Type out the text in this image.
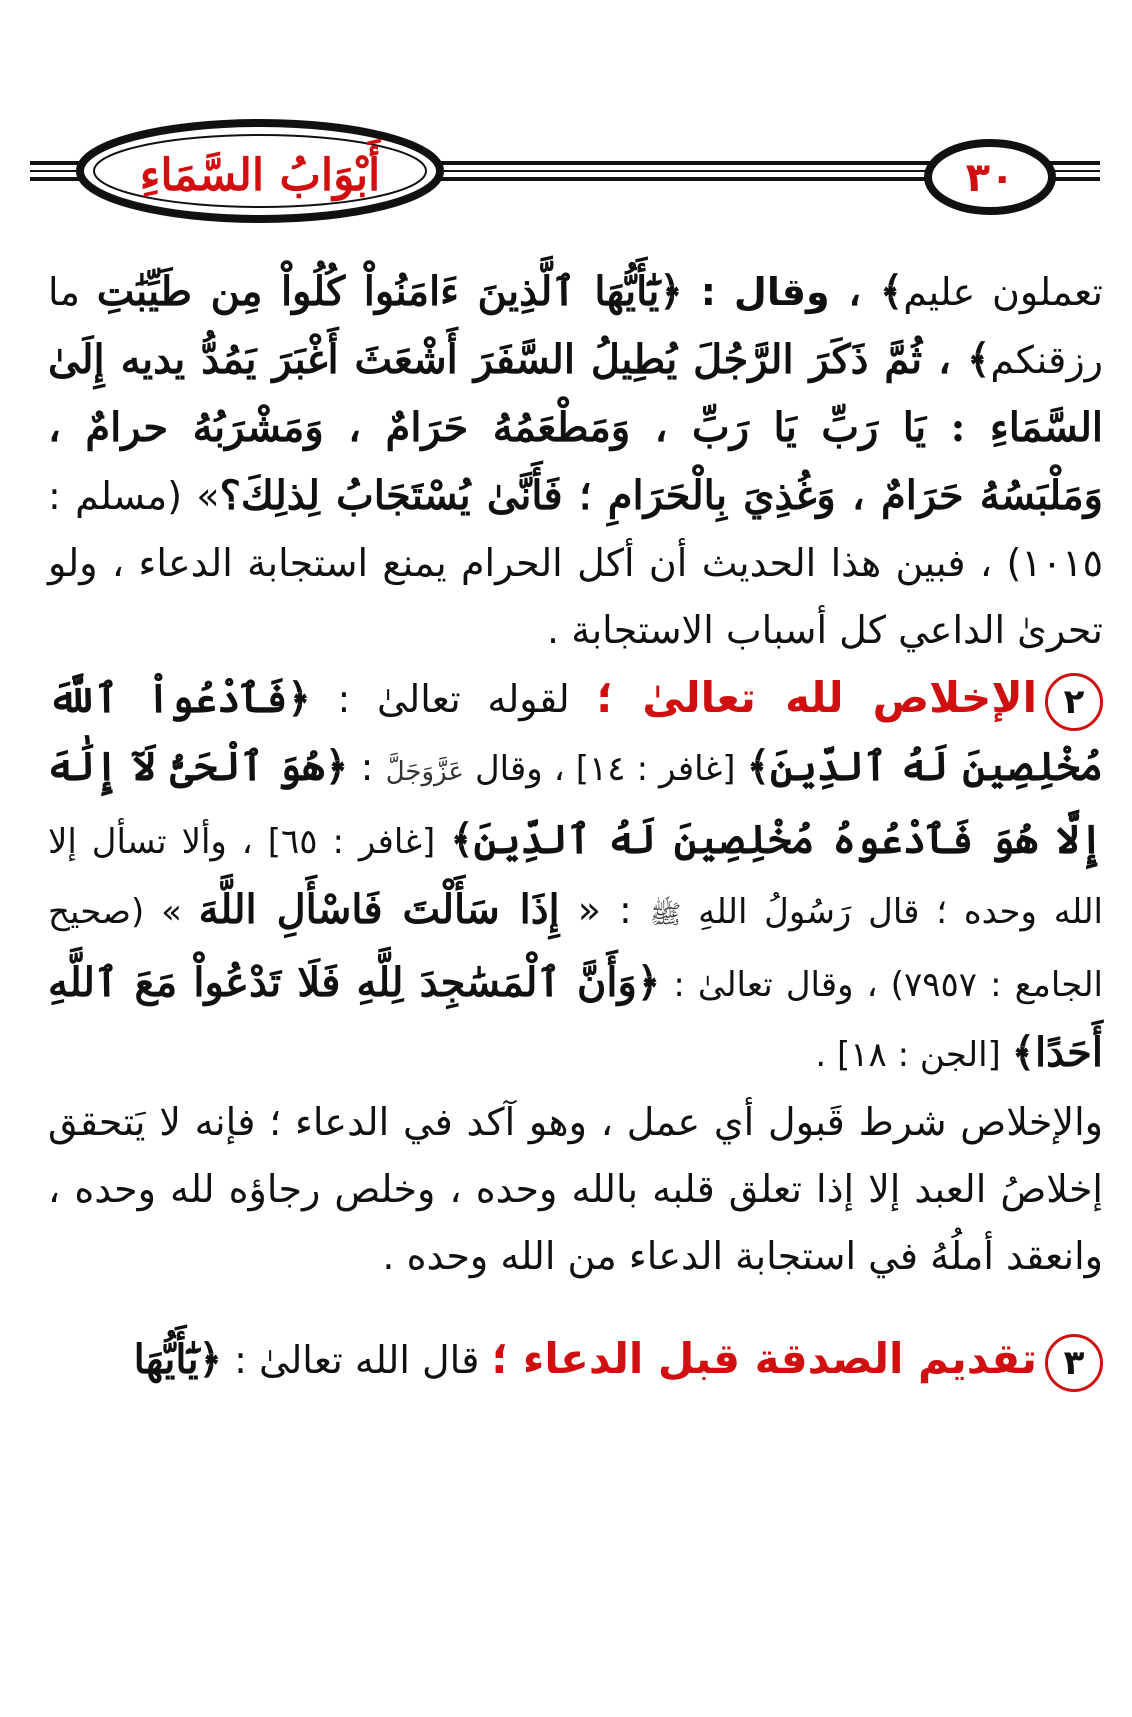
٣٠
أَبْوَابُ السَّمَاءِ

تعملون عليم﴾ ، وقال : ﴿يَٰٓأَيُّهَا ٱلَّذِينَ ءَامَنُواْ كُلُواْ مِن طَيِّبَٰتِ ما رزقنكم﴾ ، ثُمَّ ذَكَرَ الرَّجُلَ يُطِيلُ السَّفَرَ أَشْعَثَ أَغْبَرَ يَمُدُّ يديه إِلَىٰ السَّمَاءِ : يَا رَبِّ يَا رَبِّ ، وَمَطْعَمُهُ حَرَامٌ ، وَمَشْرَبُهُ حرامٌ ، وَمَلْبَسُهُ حَرَامٌ ، وَغُذِيَ بِالْحَرَامِ ؛ فَأَنَّىٰ يُسْتَجَابُ لِذلِكَ؟» (مسلم : ١٠١٥) ، فبين هذا الحديث أن أكل الحرام يمنع استجابة الدعاء ، ولو تحرىٰ الداعي كل أسباب الاستجابة .

٢الإخلاص لله تعالىٰ ؛ لقوله تعالىٰ : ﴿فَٱدْعُواْ ٱللَّهَ مُخْلِصِينَ لَهُ ٱلدِّينَ﴾ [غافر : ١٤] ، وقال عَزَّوَجَلَّ : ﴿هُوَ ٱلْحَىُّ لَآ إِلَٰهَ إِلَّا هُوَ فَٱدْعُوهُ مُخْلِصِينَ لَهُ ٱلدِّينَ﴾ [غافر : ٦٥] ، وألا تسأل إلا الله وحده ؛ قال رَسُولُ اللهِ ﷺ : « إِذَا سَأَلْتَ فَاسْأَلِ اللَّهَ » (صحيح الجامع : ٧٩٥٧) ، وقال تعالىٰ : ﴿وَأَنَّ ٱلْمَسَٰجِدَ لِلَّهِ فَلَا تَدْعُواْ مَعَ ٱللَّهِ أَحَدًا﴾ [الجن : ١٨] .

والإخلاص شرط قَبول أي عمل ، وهو آكد في الدعاء ؛ فإنه لا يَتحقق إخلاصُ العبد إلا إذا تعلق قلبه بالله وحده ، وخلص رجاؤه لله وحده ، وانعقد أملُهُ في استجابة الدعاء من الله وحده .

٣تقديم الصدقة قبل الدعاء ؛ قال الله تعالىٰ : ﴿يَٰٓأَيُّهَا
